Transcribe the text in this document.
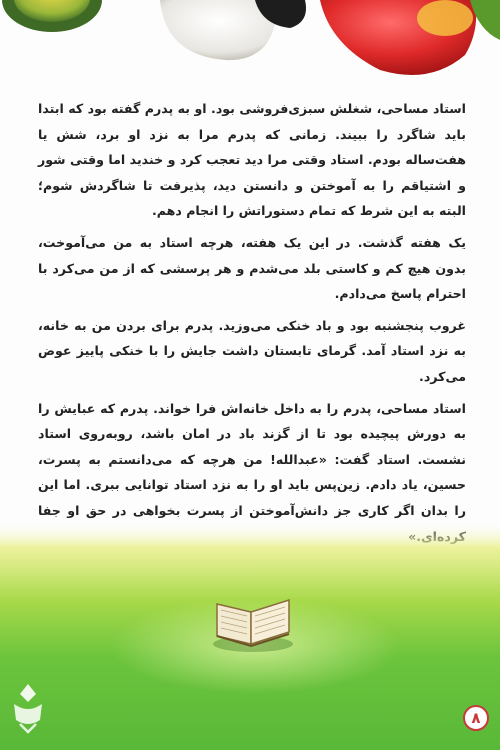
استاد مساحی، شغلش سبزی‌فروشی بود. او به پدرم گفته بود که ابتدا باید شاگرد را ببیند. زمانی که پدرم مرا به نزد او برد، شش یا هفت‌ساله بودم. استاد وقتی مرا دید تعجب کرد و خندید اما وقتی شور و اشتیاقم را به آموختن و دانستن دید، پذیرفت تا شاگردش شوم؛ البته به این شرط که تمام دستوراتش را انجام دهم.

یک هفته گذشت. در این یک هفته، هرچه استاد به من می‌آموخت، بدون هیچ کم و کاستی بلد می‌شدم و هر پرسشی که از من می‌کرد با احترام پاسخ می‌دادم.

غروب پنجشنبه بود و باد خنکی می‌وزید. پدرم برای بردن من به خانه، به نزد استاد آمد. گرمای تابستان داشت جایش را با خنکی پاییز عوض می‌کرد.

استاد مساحی، پدرم را به داخل خانه‌اش فرا خواند. پدرم که عبایش را به دورش پیچیده بود تا از گزند باد در امان باشد، روبه‌روی استاد نشست. استاد گفت: «عبدالله! من هرچه که می‌دانستم به پسرت، حسین، یاد دادم. زین‌پس باید او را به نزد استاد توانایی ببری. اما این را بدان اگر کاری جز دانش‌آموختن از پسرت بخواهی در حق او جفا

۸
